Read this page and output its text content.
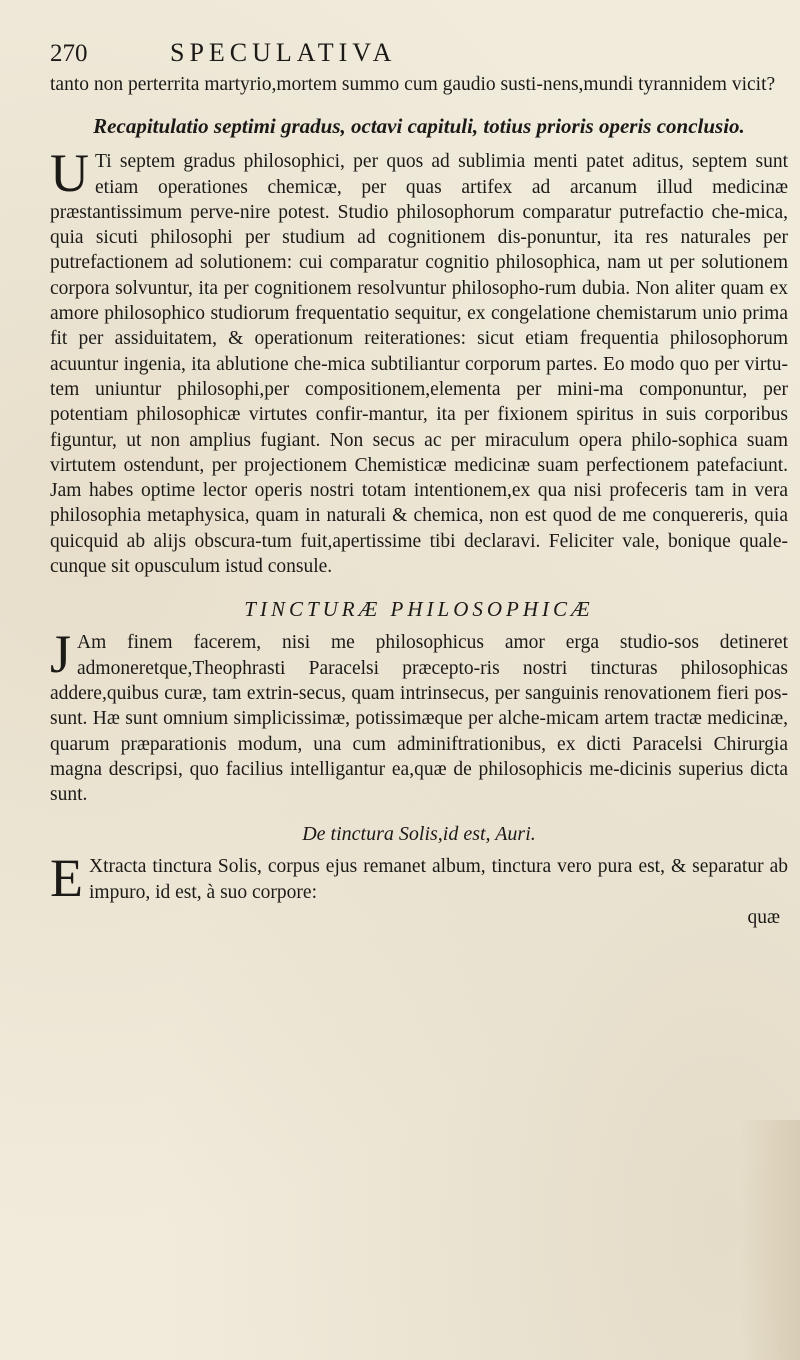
270	SPECULATIVA

tanto non perterrita martyrio,mortem summo cum gaudio susti-nens,mundi tyrannidem vicit?

Recapitulatio septimi gradus, octavi capituli, totius prioris operis conclusio.

U Ti septem gradus philosophici, per quos ad sublimia menti patet aditus, septem sunt etiam operationes chemicæ, per quas artifex ad arcanum illud medicinæ præstantissimum perve-nire potest. Studio philosophorum comparatur putrefactio che-mica, quia sicuti philosophi per studium ad cognitionem dis-ponuntur, ita res naturales per putrefactionem ad solutionem: cui comparatur cognitio philosophica, nam ut per solutionem corpora solvuntur, ita per cognitionem resolvuntur philosopho-rum dubia. Non aliter quam ex amore philosophico studiorum frequentatio sequitur, ex congelatione chemistarum unio prima fit per assiduitatem, & operationum reiterationes: sicut etiam frequentia philosophorum acuuntur ingenia, ita ablutione che-mica subtiliantur corporum partes. Eo modo quo per virtu-tem uniuntur philosophi,per compositionem,elementa per mini-ma componuntur, per potentiam philosophicæ virtutes confir-mantur, ita per fixionem spiritus in suis corporibus figuntur, ut non amplius fugiant. Non secus ac per miraculum opera philo-sophica suam virtutem ostendunt, per projectionem Chemisticæ medicinæ suam perfectionem patefaciunt. Jam habes optime lector operis nostri totam intentionem,ex qua nisi profeceris tam in vera philosophia metaphysica, quam in naturali & chemica, non est quod de me conquereris, quia quicquid ab alijs obscura-tum fuit,apertissime tibi declaravi. Feliciter vale, bonique quale-cunque sit opusculum istud consule.

TINCTURÆ PHILOSOPHICÆ

J Am finem facerem, nisi me philosophicus amor erga studio-sos detineret admoneretque,Theophrasti Paracelsi præcepto-ris nostri tincturas philosophicas addere,quibus curæ, tam extrin-secus, quam intrinsecus, per sanguinis renovationem fieri pos-sunt. Hæ sunt omnium simplicissimæ, potissimæque per alche-micam artem tractæ medicinæ, quarum præparationis modum, una cum adminiftrationibus, ex dicti Paracelsi Chirurgia magna descripsi, quo facilius intelligantur ea,quæ de philosophicis me-dicinis superius dicta sunt.

De tinctura Solis,id est, Auri.

E Xtracta tinctura Solis, corpus ejus remanet album, tinctura vero pura est, & separatur ab impuro, id est, à suo corpore:

quæ
